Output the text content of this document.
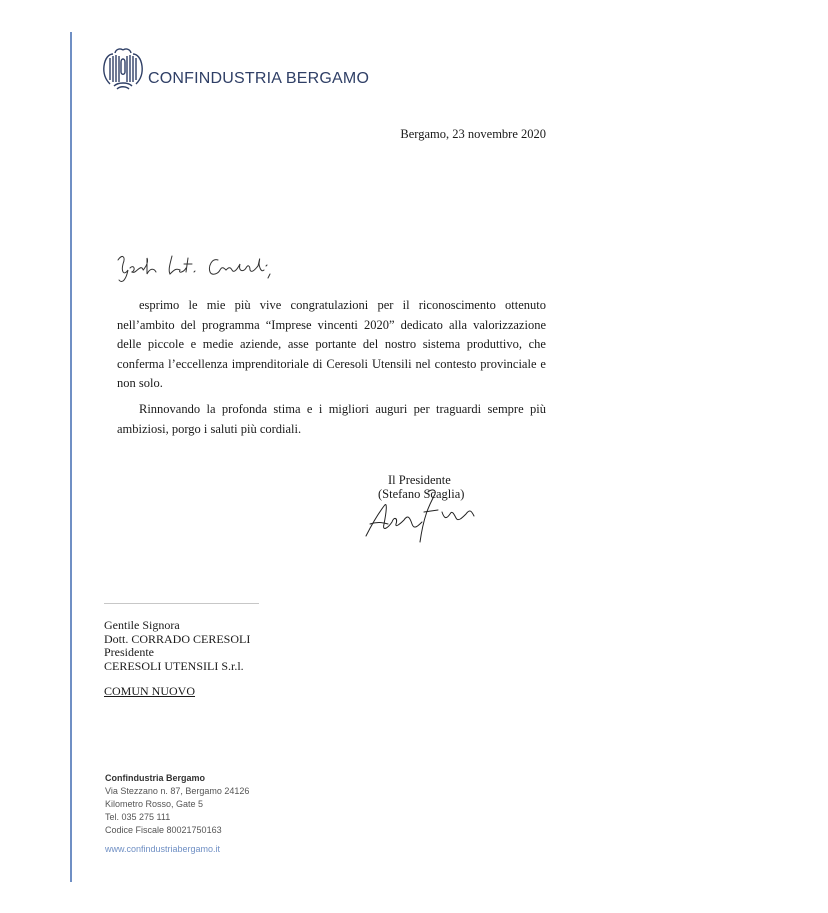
CONFINDUSTRIA BERGAMO
Bergamo, 23 novembre 2020
esprimo le mie più vive congratulazioni per il riconoscimento ottenuto nell’ambito del programma “Imprese vincenti 2020” dedicato alla valorizzazione delle piccole e medie aziende, asse portante del nostro sistema produttivo, che conferma l’eccellenza imprenditoriale di Ceresoli Utensili nel contesto provinciale e non solo.
Rinnovando la profonda stima e i migliori auguri per traguardi sempre più ambiziosi, porgo i saluti più cordiali.
Il Presidente
(Stefano Scaglia)
Gentile Signora
Dott. CORRADO CERESOLI
Presidente
CERESOLI UTENSILI S.r.l.
COMUN NUOVO
Confindustria Bergamo
Via Stezzano n. 87, Bergamo 24126
Kilometro Rosso, Gate 5
Tel. 035 275 111
Codice Fiscale 80021750163
www.confindustriabergamo.it
